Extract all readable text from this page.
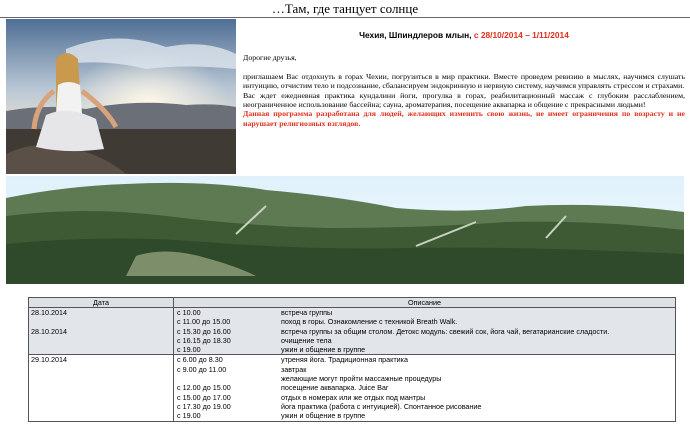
…Там, где танцует солнце
Чехия, Шпиндлеров млын, с 28/10/2014 – 1/11/2014

Дорогие друзья,

приглашаем Вас отдохнуть в горах Чехии, погрузиться в мир практики. Вместе проведем ревизию в мыслях, научимся слушать интуицию, отчистим тело и подсознание, сбалансируем эндокринную и нервную систему, научимся управлять стрессом и страхами.

Вас ждет ежедневная практика кундалини йоги, прогулка в горах, реабилитационный массаж с глубоким расслаблением, неограниченное использование бассейна; сауна, ароматерапия, посещение аквапарка и общение с прекрасными людьми!

Данная программа разработана для людей, желающих изменить свою жизнь, не имеет ограничения по возрасту и не нарушает религиозных взглядов.

Дата	Описание	
28.10.2014	с 10.00	встреча группы
	с 11.00 до 15.00	поход в горы. Ознакомление с техникой Breath Walk.
28.10.2014	с 15.30 до 16.00	встреча группы за общим столом. Детокс модуль: свежий сок, йога чай, вегатарианские сладости.
	с 16.15 до 18.30	очищение тела
	с 19.00	ужин и общение в группе
29.10.2014	с 6.00 до 8.30	утреняя йога. Традиционная практика
	с 9.00 до 11.00	завтрак
		желающие могут пройти массажные процедуры
	с 12.00 до 15.00	посещение аквапарка. Juice Bar
	с 15.00 до 17.00	отдых в номерах или же отдых под мантры
	с 17.30 до 19.00	йога практика (работа с интуицией). Спонтанное рисование
	с 19.00	ужин и общение в группе
